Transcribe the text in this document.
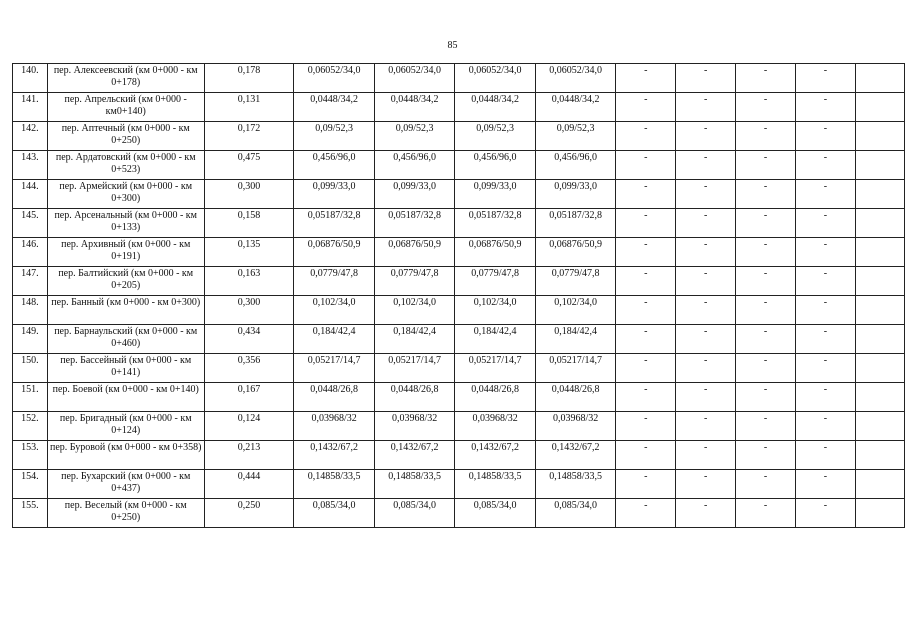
85
140.	пер. Алексеевский (км 0+000 - км 0+178)	0,178	0,06052/34,0	0,06052/34,0	0,06052/34,0	0,06052/34,0	-	-	-	-	
141.	пер. Апрельский (км 0+000 - км0+140)	0,131	0,0448/34,2	0,0448/34,2	0,0448/34,2	0,0448/34,2	-	-	-	-	
142.	пер. Аптечный (км 0+000 - км 0+250)	0,172	0,09/52,3	0,09/52,3	0,09/52,3	0,09/52,3	-	-	-	-	
143.	пер. Ардатовский (км 0+000 - км 0+523)	0,475	0,456/96,0	0,456/96,0	0,456/96,0	0,456/96,0	-	-	-	-	
144.	пер. Армейский (км 0+000 - км 0+300)	0,300	0,099/33,0	0,099/33,0	0,099/33,0	0,099/33,0	-	-	-	-	
145.	пер. Арсенальный (км 0+000 - км 0+133)	0,158	0,05187/32,8	0,05187/32,8	0,05187/32,8	0,05187/32,8	-	-	-	-	
146.	пер. Архивный (км 0+000 - км 0+191)	0,135	0,06876/50,9	0,06876/50,9	0,06876/50,9	0,06876/50,9	-	-	-	-	
147.	пер. Балтийский (км 0+000 - км 0+205)	0,163	0,0779/47,8	0,0779/47,8	0,0779/47,8	0,0779/47,8	-	-	-	-	
148.	пер. Банный (км 0+000 - км 0+300)	0,300	0,102/34,0	0,102/34,0	0,102/34,0	0,102/34,0	-	-	-	-	
149.	пер. Барнаульский (км 0+000 - км 0+460)	0,434	0,184/42,4	0,184/42,4	0,184/42,4	0,184/42,4	-	-	-	-	
150.	пер. Бассейный (км 0+000 - км 0+141)	0,356	0,05217/14,7	0,05217/14,7	0,05217/14,7	0,05217/14,7	-	-	-	-	
151.	пер. Боевой (км 0+000 - км 0+140)	0,167	0,0448/26,8	0,0448/26,8	0,0448/26,8	0,0448/26,8	-	-	-	-	
152.	пер. Бригадный (км 0+000 - км 0+124)	0,124	0,03968/32	0,03968/32	0,03968/32	0,03968/32	-	-	-	-	
153.	пер. Буровой (км 0+000 - км 0+358)	0,213	0,1432/67,2	0,1432/67,2	0,1432/67,2	0,1432/67,2	-	-	-	-	
154.	пер. Бухарский (км 0+000 - км 0+437)	0,444	0,14858/33,5	0,14858/33,5	0,14858/33,5	0,14858/33,5	-	-	-	-	
155.	пер. Веселый (км 0+000 - км 0+250)	0,250	0,085/34,0	0,085/34,0	0,085/34,0	0,085/34,0	-	-	-	-	
